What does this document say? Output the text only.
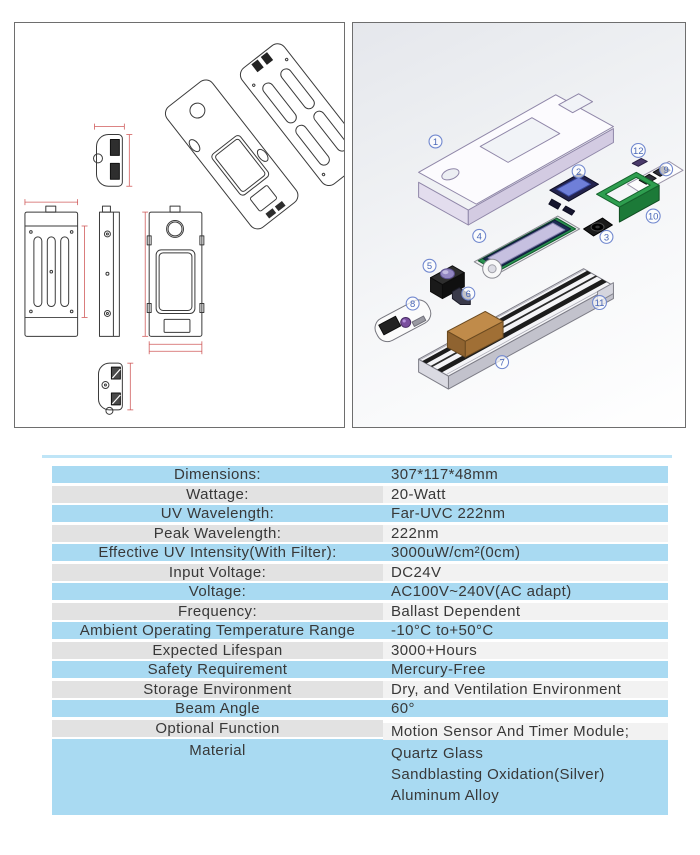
1
2
3
4
5
6
7
8
9
10
11
12
Dimensions:	307*117*48mm
Wattage:	20-Watt
UV Wavelength:	Far-UVC 222nm
Peak Wavelength:	222nm
Effective UV Intensity(With Filter):	3000uW/cm²(0cm)
Input Voltage:	DC24V
Voltage:	AC100V~240V(AC adapt)
Frequency:	Ballast Dependent
Ambient Operating Temperature Range	-10°C to+50°C
Expected Lifespan	3000+Hours
Safety Requirement	Mercury-Free
Storage Environment	Dry, and Ventilation Environment
Beam Angle	60°
Optional Function	Motion Sensor And Timer Module;
Material	Quartz Glass
Sandblasting Oxidation(Silver)
Aluminum Alloy
